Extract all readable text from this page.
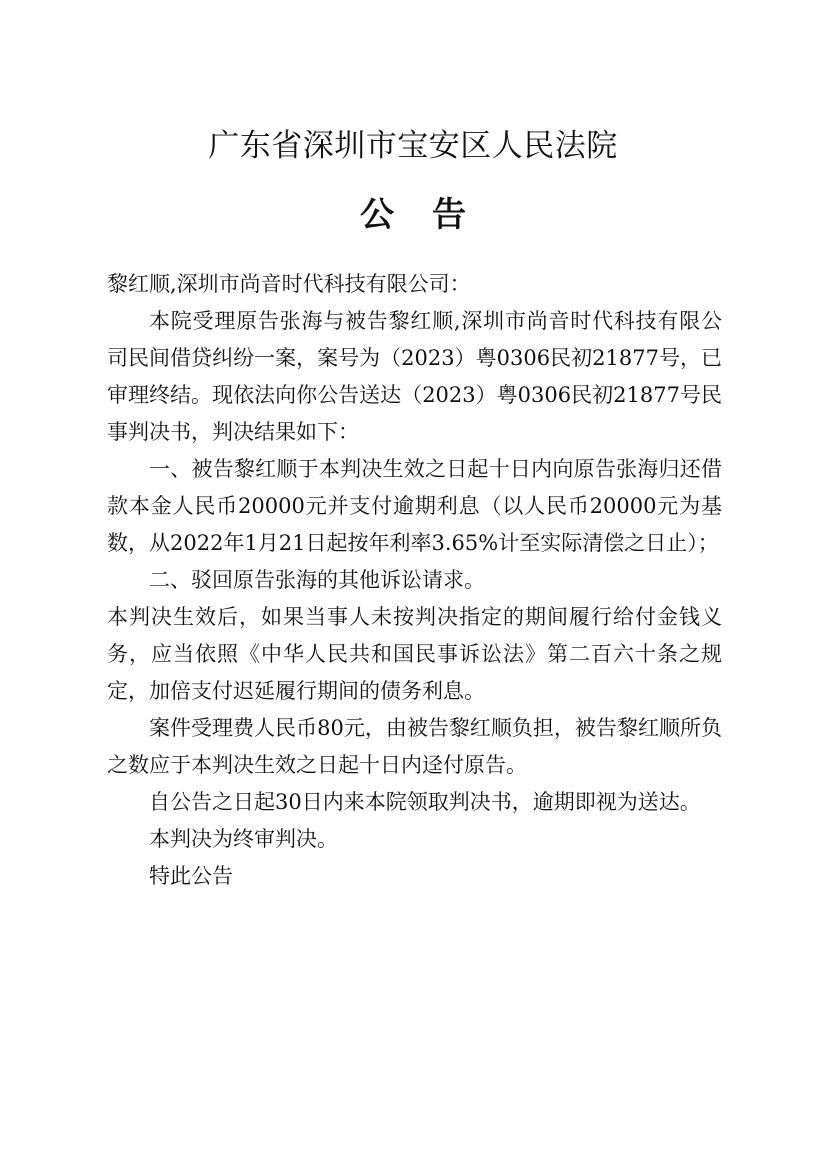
广东省深圳市宝安区人民法院
公告

黎红顺,深圳市尚音时代科技有限公司：

本院受理原告张海与被告黎红顺,深圳市尚音时代科技有限公司民间借贷纠纷一案，案号为（2023）粤0306民初21877号，已审理终结。现依法向你公告送达（2023）粤0306民初21877号民事判决书，判决结果如下：

一、被告黎红顺于本判决生效之日起十日内向原告张海归还借款本金人民币20000元并支付逾期利息（以人民币20000元为基数，从2022年1月21日起按年利率3.65%计至实际清偿之日止）；

二、驳回原告张海的其他诉讼请求。

本判决生效后，如果当事人未按判决指定的期间履行给付金钱义务，应当依照《中华人民共和国民事诉讼法》第二百六十条之规定，加倍支付迟延履行期间的债务利息。

案件受理费人民币80元，由被告黎红顺负担，被告黎红顺所负之数应于本判决生效之日起十日内迳付原告。

自公告之日起30日内来本院领取判决书，逾期即视为送达。

本判决为终审判决。

特此公告
